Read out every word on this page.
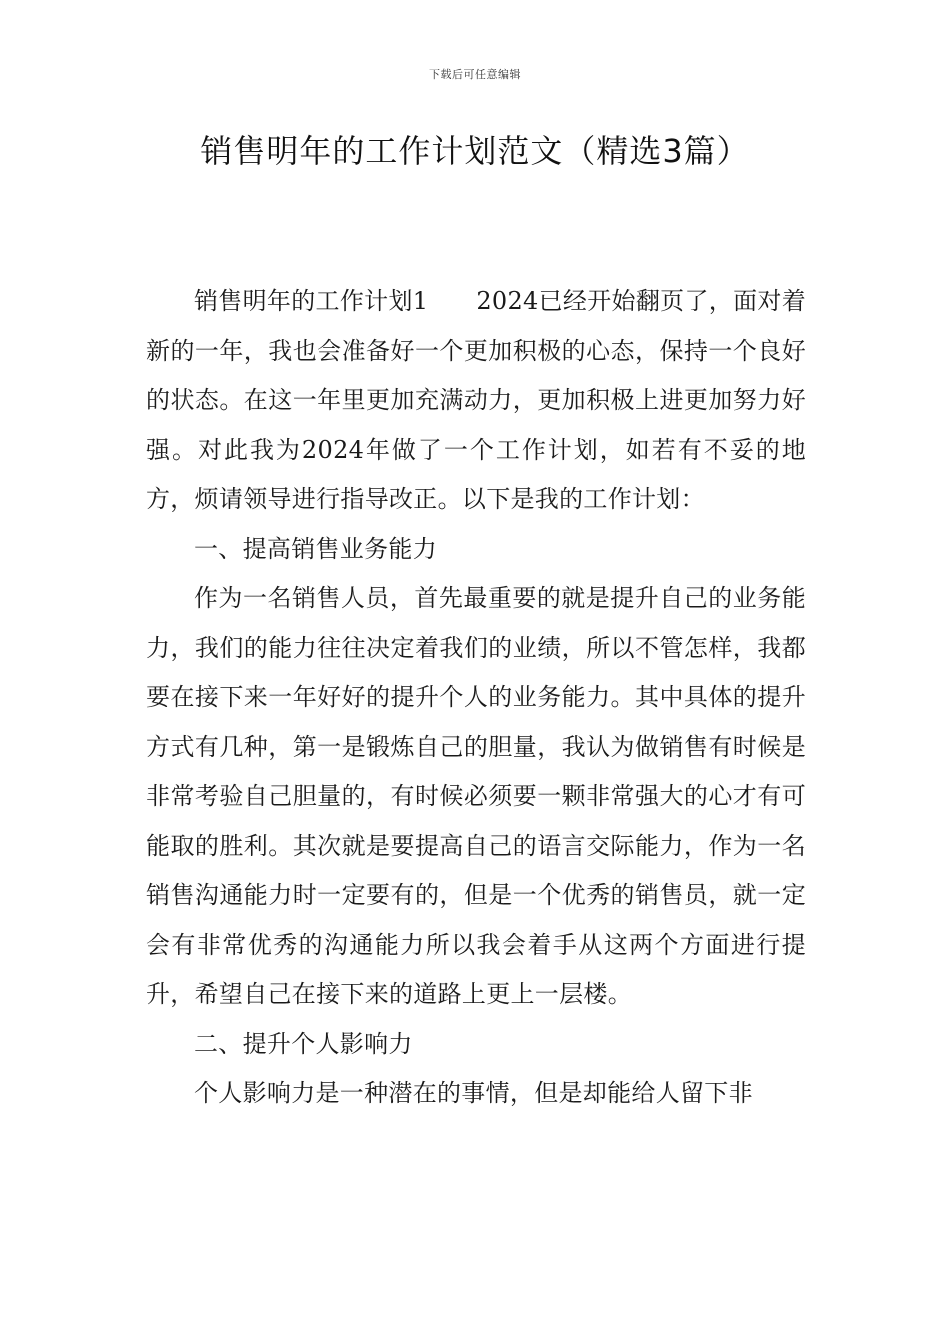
下载后可任意编辑
销售明年的工作计划范文（精选3篇）

销售明年的工作计划1 2024已经开始翻页了，面对着新的一年，我也会准备好一个更加积极的心态，保持一个良好的状态。在这一年里更加充满动力，更加积极上进更加努力好强。对此我为2024年做了一个工作计划，如若有不妥的地方，烦请领导进行指导改正。以下是我的工作计划：

一、提高销售业务能力

作为一名销售人员，首先最重要的就是提升自己的业务能力，我们的能力往往决定着我们的业绩，所以不管怎样，我都要在接下来一年好好的提升个人的业务能力。其中具体的提升方式有几种，第一是锻炼自己的胆量，我认为做销售有时候是非常考验自己胆量的，有时候必须要一颗非常强大的心才有可能取的胜利。其次就是要提高自己的语言交际能力，作为一名销售沟通能力时一定要有的，但是一个优秀的销售员，就一定会有非常优秀的沟通能力所以我会着手从这两个方面进行提升，希望自己在接下来的道路上更上一层楼。

二、提升个人影响力

个人影响力是一种潜在的事情，但是却能给人留下非
